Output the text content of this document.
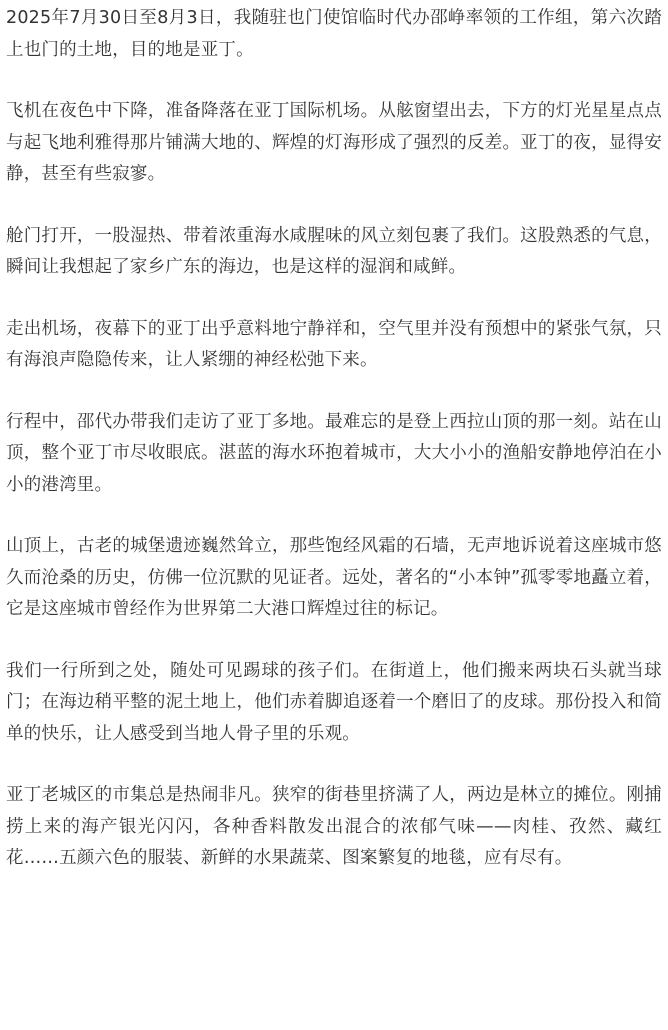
2025年7月30日至8月3日，我随驻也门使馆临时代办邵峥率领的工作组，第六次踏上也门的土地，目的地是亚丁。

飞机在夜色中下降，准备降落在亚丁国际机场。从舷窗望出去，下方的灯光星星点点与起飞地利雅得那片铺满大地的、辉煌的灯海形成了强烈的反差。亚丁的夜，显得安静，甚至有些寂寥。

舱门打开，一股湿热、带着浓重海水咸腥味的风立刻包裹了我们。这股熟悉的气息，瞬间让我想起了家乡广东的海边，也是这样的湿润和咸鲜。

走出机场，夜幕下的亚丁出乎意料地宁静祥和，空气里并没有预想中的紧张气氛，只有海浪声隐隐传来，让人紧绷的神经松弛下来。

行程中，邵代办带我们走访了亚丁多地。最难忘的是登上西拉山顶的那一刻。站在山顶，整个亚丁市尽收眼底。湛蓝的海水环抱着城市，大大小小的渔船安静地停泊在小小的港湾里。

山顶上，古老的城堡遗迹巍然耸立，那些饱经风霜的石墙，无声地诉说着这座城市悠久而沧桑的历史，仿佛一位沉默的见证者。远处，著名的“小本钟”孤零零地矗立着，它是这座城市曾经作为世界第二大港口辉煌过往的标记。

我们一行所到之处，随处可见踢球的孩子们。在街道上，他们搬来两块石头就当球门；在海边稍平整的泥土地上，他们赤着脚追逐着一个磨旧了的皮球。那份投入和简单的快乐，让人感受到当地人骨子里的乐观。

亚丁老城区的市集总是热闹非凡。狭窄的街巷里挤满了人，两边是林立的摊位。刚捕捞上来的海产银光闪闪，各种香料散发出混合的浓郁气味——肉桂、孜然、藏红花……五颜六色的服装、新鲜的水果蔬菜、图案繁复的地毯，应有尽有。
